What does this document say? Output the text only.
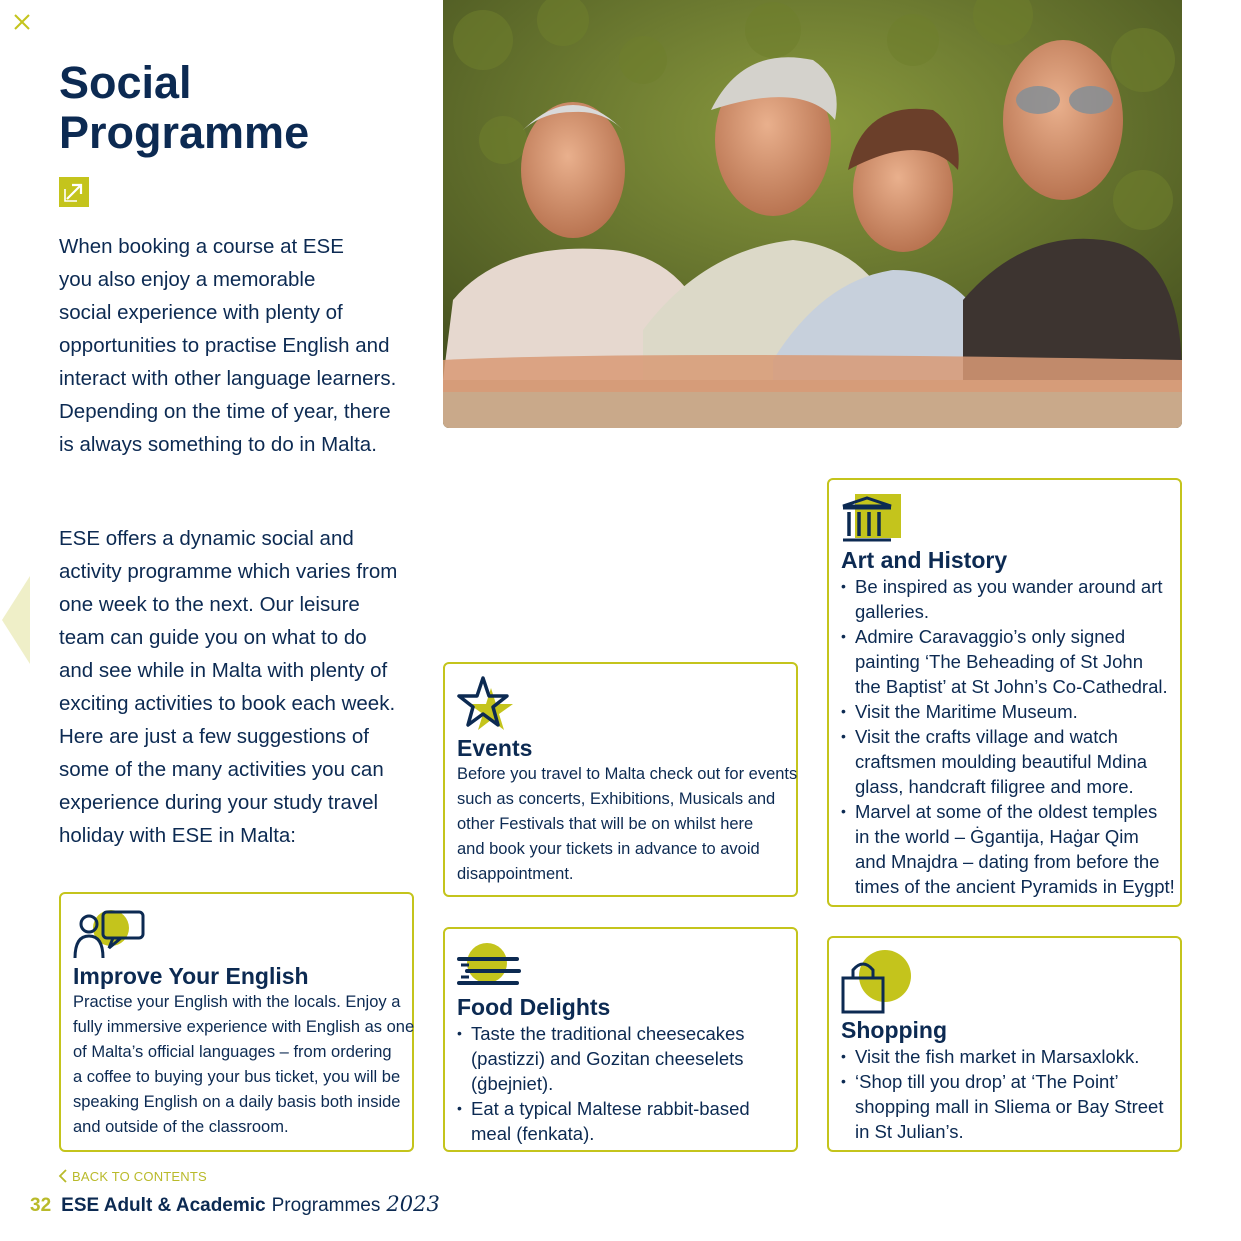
Social
Programme
When booking a course at ESE
you also enjoy a memorable
social experience with plenty of
opportunities to practise English and
interact with other language learners.
Depending on the time of year, there
is always something to do in Malta.
ESE offers a dynamic social and
activity programme which varies from
one week to the next. Our leisure
team can guide you on what to do
and see while in Malta with plenty of
exciting activities to book each week.
Here are just a few suggestions of
some of the many activities you can
experience during your study travel
holiday with ESE in Malta:
Improve Your English
Practise your English with the locals. Enjoy a
fully immersive experience with English as one
of Malta’s official languages – from ordering
a coffee to buying your bus ticket, you will be
speaking English on a daily basis both inside
and outside of the classroom.
Events
Before you travel to Malta check out for events
such as concerts, Exhibitions, Musicals and
other Festivals that will be on whilst here
and book your tickets in advance to avoid
disappointment.
Food Delights
• Taste the traditional cheesecakes
(pastizzi) and Gozitan cheeselets
(ġbejniet).
• Eat a typical Maltese rabbit-based
meal (fenkata).
Art and History
• Be inspired as you wander around art
galleries.
• Admire Caravaggio’s only signed
painting ‘The Beheading of St John
the Baptist’ at St John’s Co-Cathedral.
• Visit the Maritime Museum.
• Visit the crafts village and watch
craftsmen moulding beautiful Mdina
glass, handcraft filigree and more.
• Marvel at some of the oldest temples
in the world – Ġgantija, Haġar Qim
and Mnajdra – dating from before the
times of the ancient Pyramids in Eygpt!
Shopping
• Visit the fish market in Marsaxlokk.
• ‘Shop till you drop’ at ‘The Point’
shopping mall in Sliema or Bay Street
in St Julian’s.
BACK TO CONTENTS
32 ESE Adult & Academic Programmes 2023
